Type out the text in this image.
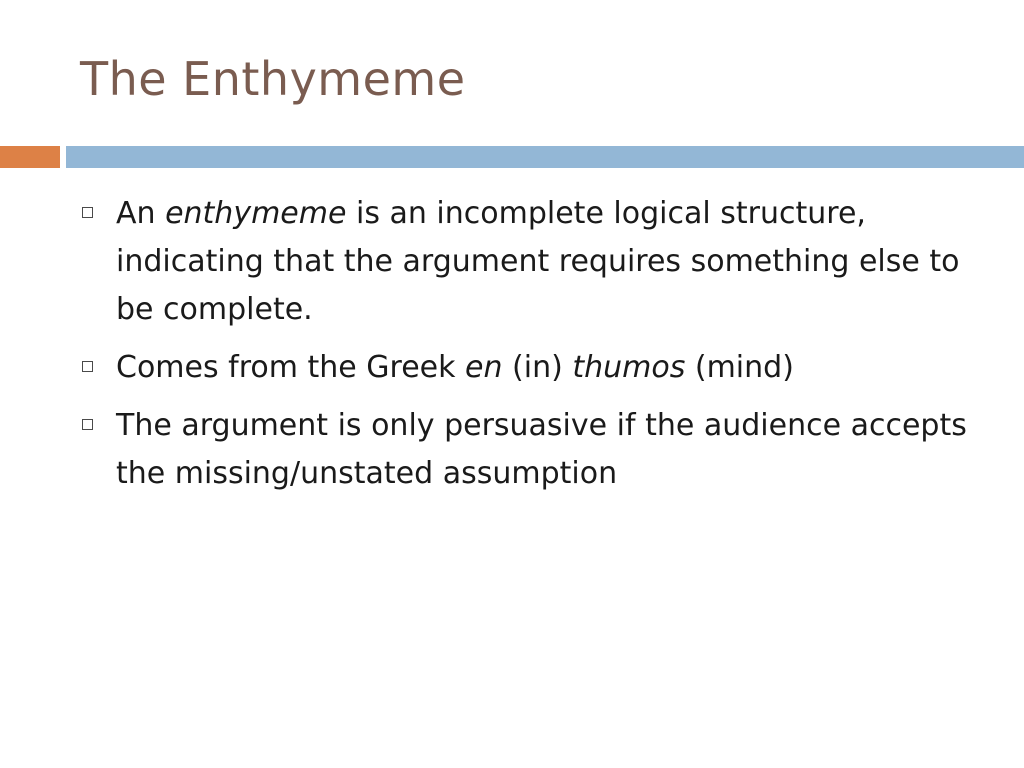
The Enthymeme
An enthymeme is an incomplete logical structure, indicating that the argument requires something else to be complete.
Comes from the Greek en (in) thumos (mind)
The argument is only persuasive if the audience accepts the missing/unstated assumption
